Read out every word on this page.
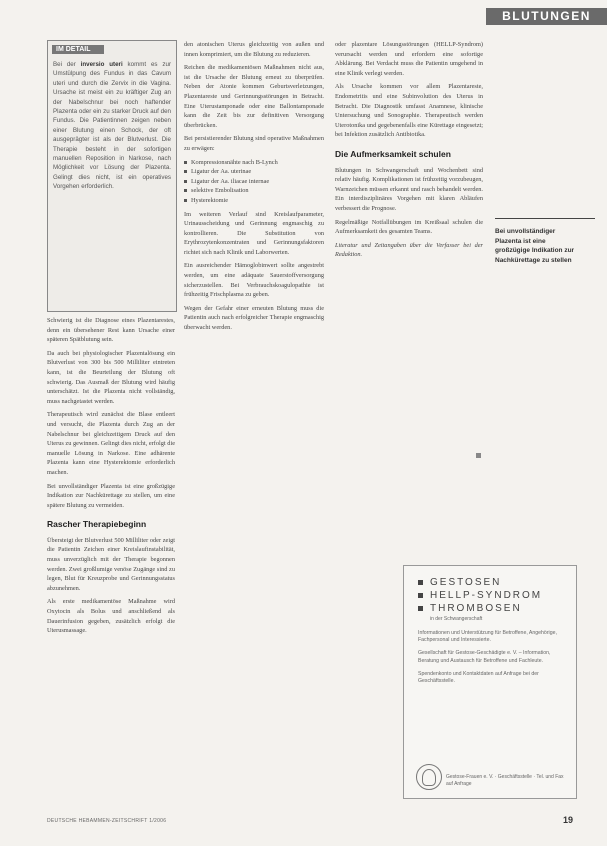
BLUTUNGEN
IM DETAIL
Bei der inversio uteri kommt es zur Umstülpung des Fundus in das Cavum uteri und durch die Zervix in die Vagina. Ursache ist meist ein zu kräftiger Zug an der Nabelschnur bei noch haftender Plazenta oder ein zu starker Druck auf den Fundus. Die Patientinnen zeigen neben einer Blutung einen Schock, der oft ausgeprägter ist als der Blutverlust. Die Therapie besteht in der sofortigen manuellen Reposition in Narkose, nach Möglichkeit vor Lösung der Plazenta. Gelingt dies nicht, ist ein operatives Vorgehen erforderlich.

Schwierig ist die Diagnose eines Plazentarestes, denn ein übersehener Rest kann Ursache einer späteren Spätblutung sein.

Da auch bei physiologischer Plazentalösung ein Blutverlust von 300 bis 500 Milliliter eintreten kann, ist die Beurteilung der Blutung oft schwierig. Das Ausmaß der Blutung wird häufig unterschätzt. Ist die Plazenta nicht vollständig, muss nachgetastet werden.

Therapeutisch wird zunächst die Blase entleert und versucht, die Plazenta durch Zug an der Nabelschnur bei gleichzeitigem Druck auf den Uterus zu gewinnen. Gelingt dies nicht, erfolgt die manuelle Lösung in Narkose. Eine adhärente Plazenta kann eine Hysterektomie erforderlich machen.

Bei unvollständiger Plazenta ist eine großzügige Indikation zur Nachkürettage zu stellen, um eine spätere Blutung zu vermeiden.

Rascher Therapiebeginn

Übersteigt der Blutverlust 500 Milliliter oder zeigt die Patientin Zeichen einer Kreislaufinstabilität, muss unverzüglich mit der Therapie begonnen werden. Zwei großlumige venöse Zugänge sind zu legen, Blut für Kreuzprobe und Gerinnungsstatus abzunehmen.

Als erste medikamentöse Maßnahme wird Oxytocin als Bolus und anschließend als Dauerinfusion gegeben, zusätzlich erfolgt die Uterusmassage.

den atonischen Uterus gleichzeitig von außen und innen komprimiert, um die Blutung zu reduzieren.

Reichen die medikamentösen Maßnahmen nicht aus, ist die Ursache der Blutung erneut zu überprüfen. Neben der Atonie kommen Geburtsverletzungen, Plazentareste und Gerinnungsstörungen in Betracht. Eine Uterustamponade oder eine Ballontamponade kann die Zeit bis zur definitiven Versorgung überbrücken.

Bei persistierender Blutung sind operative Maßnahmen zu erwägen:

Kompressionsnähte nach B-Lynch
Ligatur der Aa. uterinae
Ligatur der Aa. iliacae internae
selektive Embolisation
Hysterektomie

Im weiteren Verlauf sind Kreislaufparameter, Urinausscheidung und Gerinnung engmaschig zu kontrollieren. Die Substitution von Erythrozytenkonzentraten und Gerinnungsfaktoren richtet sich nach Klinik und Laborwerten.

Ein ausreichender Hämoglobinwert sollte angestrebt werden, um eine adäquate Sauerstoffversorgung sicherzustellen. Bei Verbrauchskoagulopathie ist frühzeitig Frischplasma zu geben.

Wegen der Gefahr einer erneuten Blutung muss die Patientin auch nach erfolgreicher Therapie engmaschig überwacht werden.

oder plazentare Lösungsstörungen (HELLP-Syndrom) verursacht werden und erfordern eine sofortige Abklärung. Bei Verdacht muss die Patientin umgehend in eine Klinik verlegt werden.

Als Ursache kommen vor allem Plazentareste, Endometritis und eine Subinvolution des Uterus in Betracht. Die Diagnostik umfasst Anamnese, klinische Untersuchung und Sonographie. Therapeutisch werden Uterotonika und gegebenenfalls eine Kürettage eingesetzt; bei Infektion zusätzlich Antibiotika.

Die Aufmerksamkeit schulen

Blutungen in Schwangerschaft und Wochenbett sind relativ häufig. Komplikationen ist frühzeitig vorzubeugen, Warnzeichen müssen erkannt und rasch behandelt werden. Ein interdisziplinäres Vorgehen mit klaren Abläufen verbessert die Prognose.

Regelmäßige Notfallübungen im Kreißsaal schulen die Aufmerksamkeit des gesamten Teams.

Literatur und Zeitangaben über die Verfasser bei der Redaktion.

Bei unvollständiger Plazenta ist eine großzügige Indikation zur Nachkürettage zu stellen
GESTOSEN
HELLP-SYNDROM
THROMBOSEN
in der Schwangerschaft
Informationen und Unterstützung für Betroffene, Angehörige, Fachpersonal und Interessierte.
Gesellschaft für Gestose-Geschädigte e. V. – Information, Beratung und Austausch für Betroffene und Fachleute.
Spendenkonto und Kontaktdaten auf Anfrage bei der Geschäftsstelle.
Gestose-Frauen e. V. · Geschäftsstelle · Tel. und Fax auf Anfrage
DEUTSCHE HEBAMMEN-ZEITSCHRIFT 1/2006	19
